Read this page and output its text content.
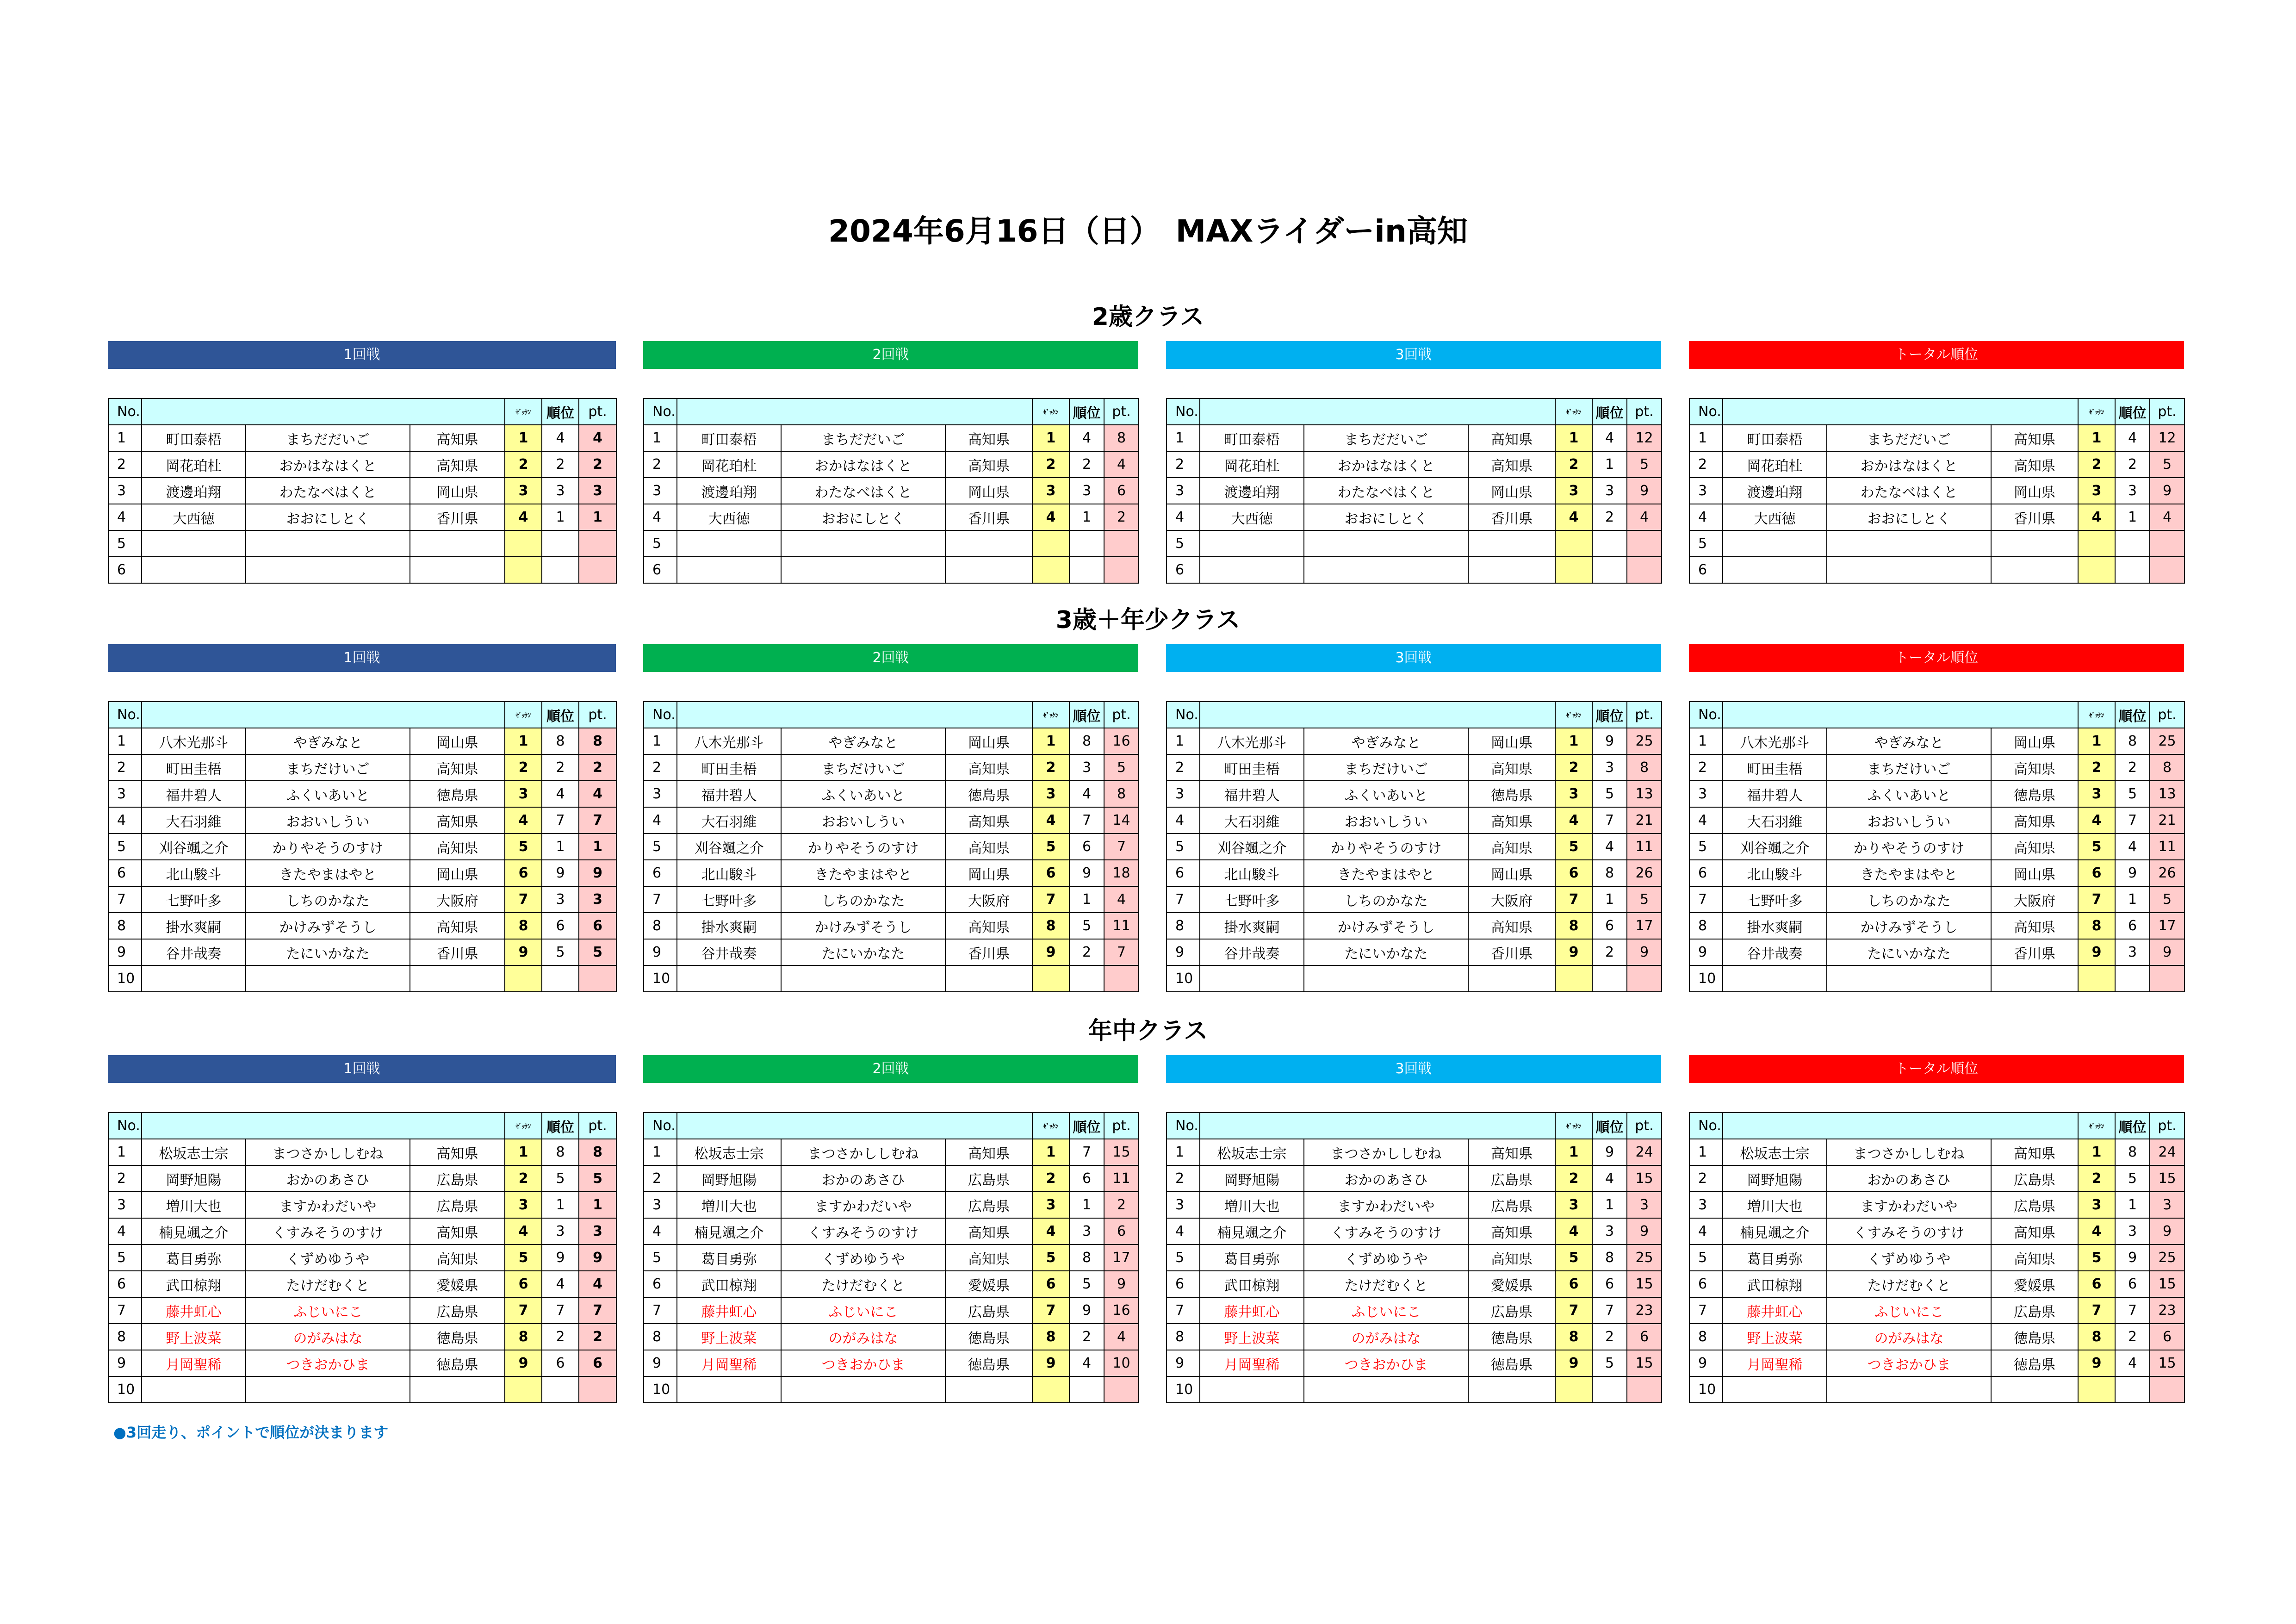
2024年6月16日（日）　MAXライダーin高知
2歳クラス
1回戦
No.				ｾﾞｯｹﾝ	順位	pt.
1	町田泰梧	まちだだいご	高知県	1	4	4
2	岡花珀杜	おかはなはくと	高知県	2	2	2
3	渡邊珀翔	わたなべはくと	岡山県	3	3	3
4	大西徳	おおにしとく	香川県	4	1	1
5						
6						
2回戦
No.				ｾﾞｯｹﾝ	順位	pt.
1	町田泰梧	まちだだいご	高知県	1	4	8
2	岡花珀杜	おかはなはくと	高知県	2	2	4
3	渡邊珀翔	わたなべはくと	岡山県	3	3	6
4	大西徳	おおにしとく	香川県	4	1	2
5						
6						
3回戦
No.				ｾﾞｯｹﾝ	順位	pt.
1	町田泰梧	まちだだいご	高知県	1	4	12
2	岡花珀杜	おかはなはくと	高知県	2	1	5
3	渡邊珀翔	わたなべはくと	岡山県	3	3	9
4	大西徳	おおにしとく	香川県	4	2	4
5						
6						
トータル順位
No.				ｾﾞｯｹﾝ	順位	pt.
1	町田泰梧	まちだだいご	高知県	1	4	12
2	岡花珀杜	おかはなはくと	高知県	2	2	5
3	渡邊珀翔	わたなべはくと	岡山県	3	3	9
4	大西徳	おおにしとく	香川県	4	1	4
5						
6						
3歳＋年少クラス
1回戦
No.				ｾﾞｯｹﾝ	順位	pt.
1	八木光那斗	やぎみなと	岡山県	1	8	8
2	町田圭梧	まちだけいご	高知県	2	2	2
3	福井碧人	ふくいあいと	徳島県	3	4	4
4	大石羽維	おおいしうい	高知県	4	7	7
5	刈谷颯之介	かりやそうのすけ	高知県	5	1	1
6	北山駿斗	きたやまはやと	岡山県	6	9	9
7	七野叶多	しちのかなた	大阪府	7	3	3
8	掛水爽嗣	かけみずそうし	高知県	8	6	6
9	谷井哉奏	たにいかなた	香川県	9	5	5
10						
2回戦
No.				ｾﾞｯｹﾝ	順位	pt.
1	八木光那斗	やぎみなと	岡山県	1	8	16
2	町田圭梧	まちだけいご	高知県	2	3	5
3	福井碧人	ふくいあいと	徳島県	3	4	8
4	大石羽維	おおいしうい	高知県	4	7	14
5	刈谷颯之介	かりやそうのすけ	高知県	5	6	7
6	北山駿斗	きたやまはやと	岡山県	6	9	18
7	七野叶多	しちのかなた	大阪府	7	1	4
8	掛水爽嗣	かけみずそうし	高知県	8	5	11
9	谷井哉奏	たにいかなた	香川県	9	2	7
10						
3回戦
No.				ｾﾞｯｹﾝ	順位	pt.
1	八木光那斗	やぎみなと	岡山県	1	9	25
2	町田圭梧	まちだけいご	高知県	2	3	8
3	福井碧人	ふくいあいと	徳島県	3	5	13
4	大石羽維	おおいしうい	高知県	4	7	21
5	刈谷颯之介	かりやそうのすけ	高知県	5	4	11
6	北山駿斗	きたやまはやと	岡山県	6	8	26
7	七野叶多	しちのかなた	大阪府	7	1	5
8	掛水爽嗣	かけみずそうし	高知県	8	6	17
9	谷井哉奏	たにいかなた	香川県	9	2	9
10						
トータル順位
No.				ｾﾞｯｹﾝ	順位	pt.
1	八木光那斗	やぎみなと	岡山県	1	8	25
2	町田圭梧	まちだけいご	高知県	2	2	8
3	福井碧人	ふくいあいと	徳島県	3	5	13
4	大石羽維	おおいしうい	高知県	4	7	21
5	刈谷颯之介	かりやそうのすけ	高知県	5	4	11
6	北山駿斗	きたやまはやと	岡山県	6	9	26
7	七野叶多	しちのかなた	大阪府	7	1	5
8	掛水爽嗣	かけみずそうし	高知県	8	6	17
9	谷井哉奏	たにいかなた	香川県	9	3	9
10						
年中クラス
1回戦
No.				ｾﾞｯｹﾝ	順位	pt.
1	松坂志士宗	まつさかししむね	高知県	1	8	8
2	岡野旭陽	おかのあさひ	広島県	2	5	5
3	増川大也	ますかわだいや	広島県	3	1	1
4	楠見颯之介	くすみそうのすけ	高知県	4	3	3
5	葛目勇弥	くずめゆうや	高知県	5	9	9
6	武田椋翔	たけだむくと	愛媛県	6	4	4
7	藤井虹心	ふじいにこ	広島県	7	7	7
8	野上波菜	のがみはな	徳島県	8	2	2
9	月岡聖稀	つきおかひま	徳島県	9	6	6
10						
2回戦
No.				ｾﾞｯｹﾝ	順位	pt.
1	松坂志士宗	まつさかししむね	高知県	1	7	15
2	岡野旭陽	おかのあさひ	広島県	2	6	11
3	増川大也	ますかわだいや	広島県	3	1	2
4	楠見颯之介	くすみそうのすけ	高知県	4	3	6
5	葛目勇弥	くずめゆうや	高知県	5	8	17
6	武田椋翔	たけだむくと	愛媛県	6	5	9
7	藤井虹心	ふじいにこ	広島県	7	9	16
8	野上波菜	のがみはな	徳島県	8	2	4
9	月岡聖稀	つきおかひま	徳島県	9	4	10
10						
3回戦
No.				ｾﾞｯｹﾝ	順位	pt.
1	松坂志士宗	まつさかししむね	高知県	1	9	24
2	岡野旭陽	おかのあさひ	広島県	2	4	15
3	増川大也	ますかわだいや	広島県	3	1	3
4	楠見颯之介	くすみそうのすけ	高知県	4	3	9
5	葛目勇弥	くずめゆうや	高知県	5	8	25
6	武田椋翔	たけだむくと	愛媛県	6	6	15
7	藤井虹心	ふじいにこ	広島県	7	7	23
8	野上波菜	のがみはな	徳島県	8	2	6
9	月岡聖稀	つきおかひま	徳島県	9	5	15
10						
トータル順位
No.				ｾﾞｯｹﾝ	順位	pt.
1	松坂志士宗	まつさかししむね	高知県	1	8	24
2	岡野旭陽	おかのあさひ	広島県	2	5	15
3	増川大也	ますかわだいや	広島県	3	1	3
4	楠見颯之介	くすみそうのすけ	高知県	4	3	9
5	葛目勇弥	くずめゆうや	高知県	5	9	25
6	武田椋翔	たけだむくと	愛媛県	6	6	15
7	藤井虹心	ふじいにこ	広島県	7	7	23
8	野上波菜	のがみはな	徳島県	8	2	6
9	月岡聖稀	つきおかひま	徳島県	9	4	15
10						
●3回走り、ポイントで順位が決まります
